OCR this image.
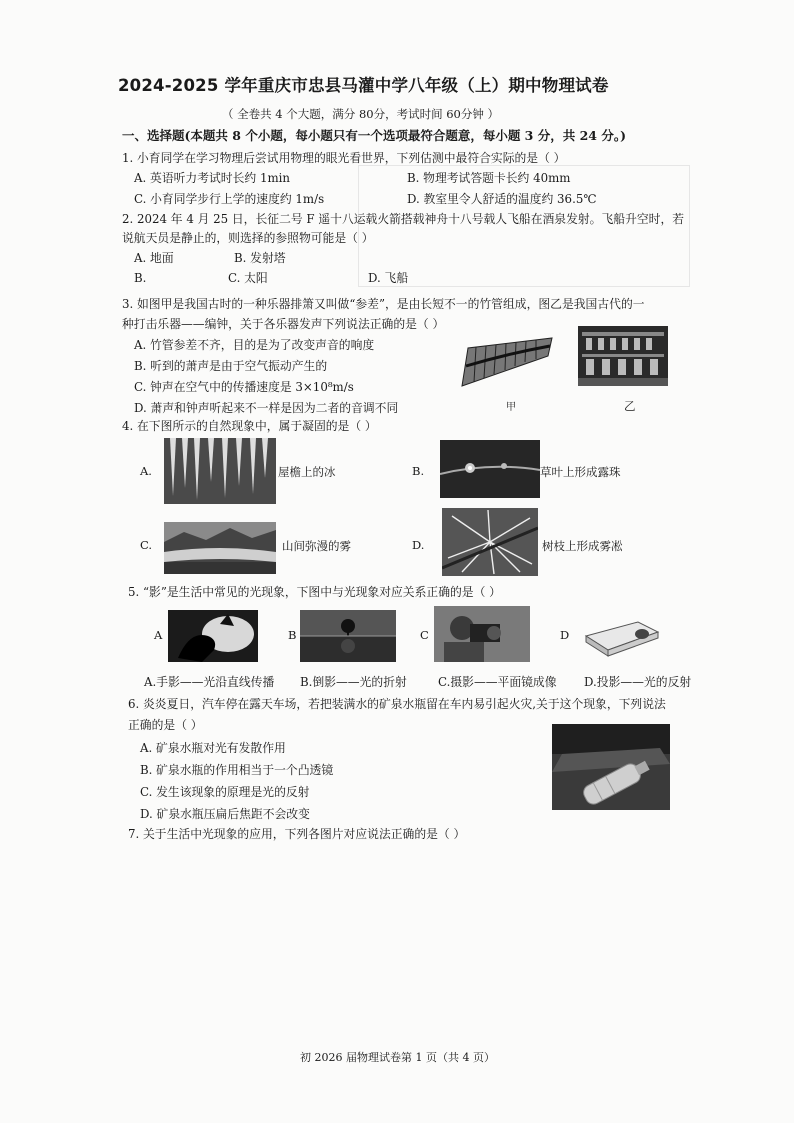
2024-2025 学年重庆市忠县马灌中学八年级（上）期中物理试卷
（ 全卷共 4 个大题，满分 80分，考试时间 60分钟 ）
一、选择题(本题共 8 个小题，每小题只有一个选项最符合题意，每小题 3 分，共 24 分。)
1. 小育同学在学习物理后尝试用物理的眼光看世界，下列估测中最符合实际的是（ ）
A. 英语听力考试时长约 1min	B. 物理考试答题卡长约 40mm
C. 小育同学步行上学的速度约 1m/s	D. 教室里令人舒适的温度约 36.5℃
2. 2024 年 4 月 25 日，长征二号 F 遥十八运载火箭搭载神舟十八号载人飞船在酒泉发射。飞船升空时，若
说航天员是静止的，则选择的参照物可能是（ ）
A. 地面	B. 发射塔
B.	C. 太阳	D. 飞船
3. 如图甲是我国古时的一种乐器排箫又叫做“参差”，是由长短不一的竹管组成，图乙是我国古代的一
种打击乐器——编钟，关于各乐器发声下列说法正确的是（ ）
A. 竹管参差不齐，目的是为了改变声音的响度
B. 听到的萧声是由于空气振动产生的
C. 钟声在空气中的传播速度是 3×10⁸m/s
D. 萧声和钟声听起来不一样是因为二者的音调不同	甲	乙
4. 在下图所示的自然现象中，属于凝固的是（ ）
A.	屋檐上的冰	B.	草叶上形成露珠
C.	山间弥漫的雾	D.	树枝上形成雾凇
5. “影”是生活中常见的光现象，下图中与光现象对应关系正确的是（ ）
A	B	C	D
A.手影——光沿直线传播 B.倒影——光的折射	C.摄影——平面镜成像 D.投影——光的反射
6. 炎炎夏日，汽车停在露天车场，若把装满水的矿泉水瓶留在车内易引起火灾,关于这个现象，下列说法
正确的是（ ）
A. 矿泉水瓶对光有发散作用
B. 矿泉水瓶的作用相当于一个凸透镜
C. 发生该现象的原理是光的反射
D. 矿泉水瓶压扁后焦距不会改变
7. 关于生活中光现象的应用，下列各图片对应说法正确的是（ ）
初 2026 届物理试卷第 1 页（共 4 页）
